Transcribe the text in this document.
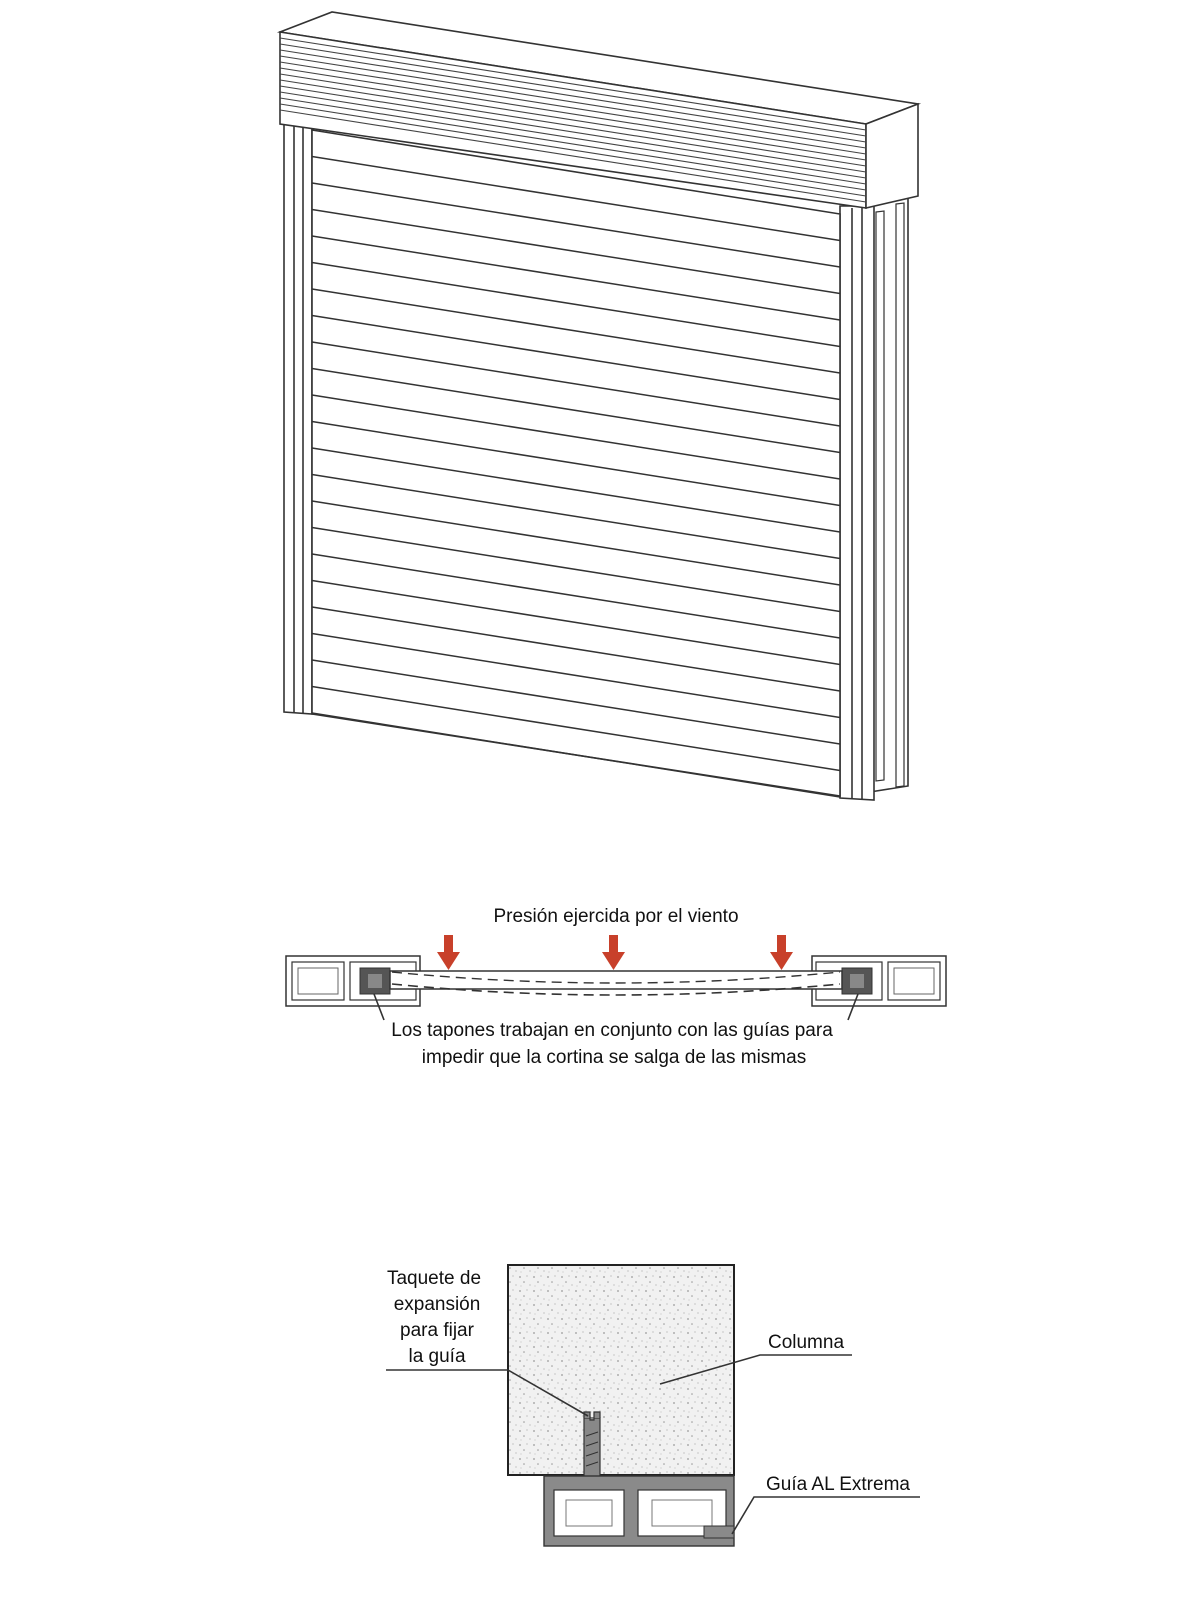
Presión ejercida por el viento
Los tapones trabajan en conjunto con las guías para
impedir que la cortina se salga de las mismas
Taquete de
expansión
para fijar
la guía
Columna
Guía AL Extrema
